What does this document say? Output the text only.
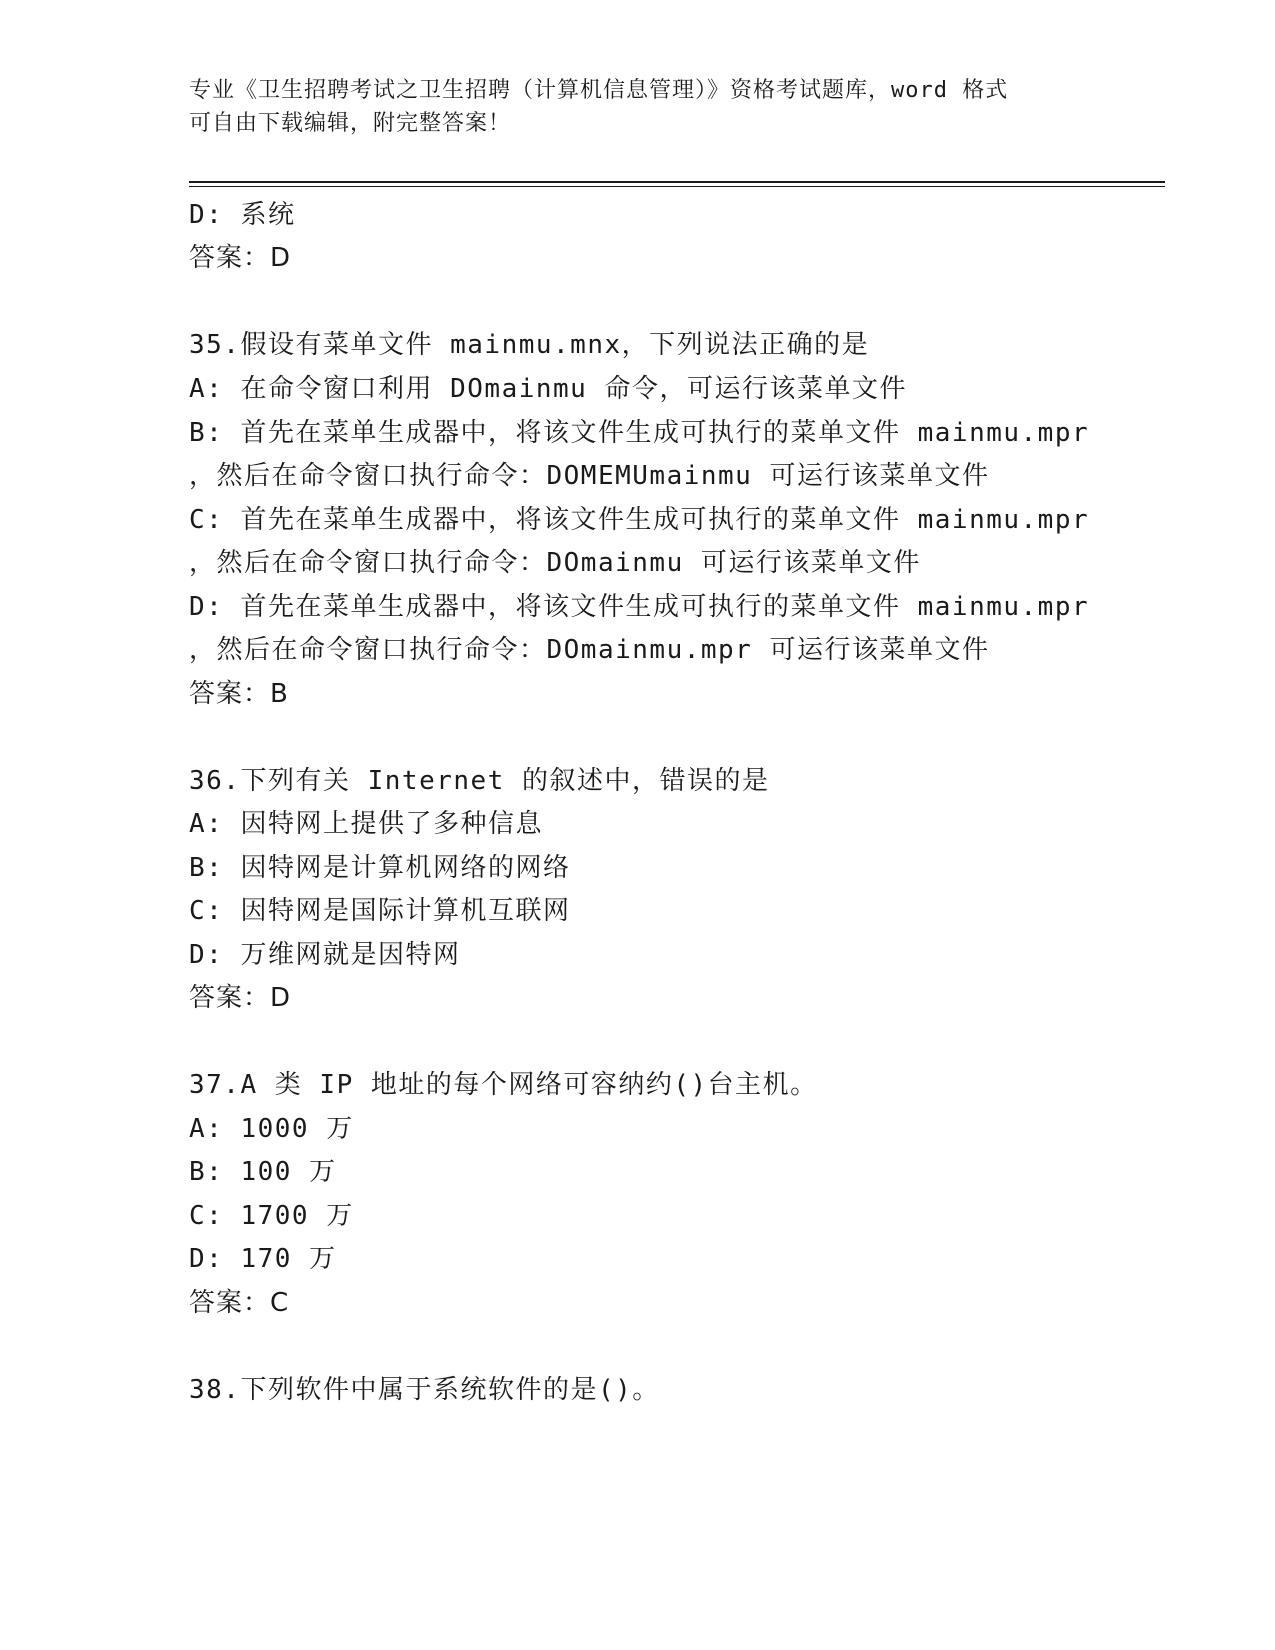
专业《卫生招聘考试之卫生招聘（计算机信息管理）》资格考试题库，word 格式
可自由下载编辑，附完整答案！
D: 系统
答案：D
35.假设有菜单文件 mainmu.mnx，下列说法正确的是
A: 在命令窗口利用 DOmainmu 命令，可运行该菜单文件
B: 首先在菜单生成器中，将该文件生成可执行的菜单文件 mainmu.mpr
，然后在命令窗口执行命令：DOMEMUmainmu 可运行该菜单文件
C: 首先在菜单生成器中，将该文件生成可执行的菜单文件 mainmu.mpr
，然后在命令窗口执行命令：DOmainmu 可运行该菜单文件
D: 首先在菜单生成器中，将该文件生成可执行的菜单文件 mainmu.mpr
，然后在命令窗口执行命令：DOmainmu.mpr 可运行该菜单文件
答案：B
36.下列有关 Internet 的叙述中，错误的是
A: 因特网上提供了多种信息
B: 因特网是计算机网络的网络
C: 因特网是国际计算机互联网
D: 万维网就是因特网
答案：D
37.A 类 IP 地址的每个网络可容纳约()台主机。
A: 1000 万
B: 100 万
C: 1700 万
D: 170 万
答案：C
38.下列软件中属于系统软件的是()。
